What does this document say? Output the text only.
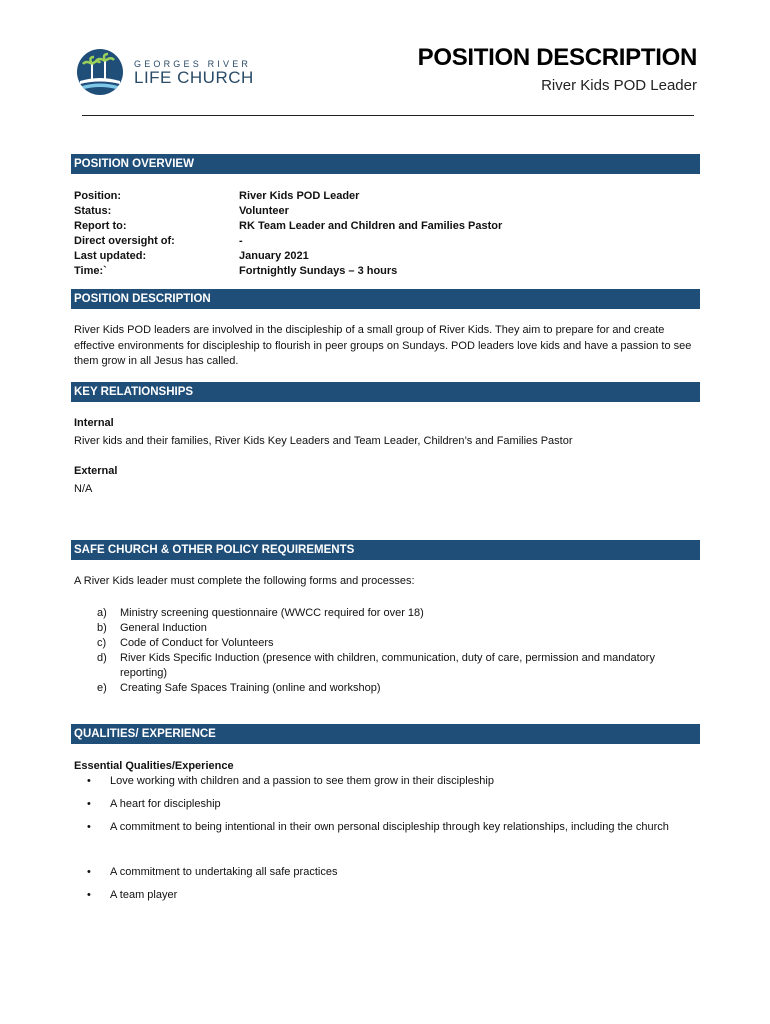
GEORGES RIVER
LIFE CHURCH
POSITION DESCRIPTION
River Kids POD Leader
POSITION OVERVIEW
Position:	River Kids POD Leader
Status:	Volunteer
Report to:	RK Team Leader and Children and Families Pastor
Direct oversight of:	-
Last updated:	January 2021
Time:`	Fortnightly Sundays – 3 hours
POSITION DESCRIPTION
River Kids POD leaders are involved in the discipleship of a small group of River Kids. They aim to prepare for and create effective environments for discipleship to flourish in peer groups on Sundays. POD leaders love kids and have a passion to see them grow in all Jesus has called.
KEY RELATIONSHIPS
Internal
River kids and their families, River Kids Key Leaders and Team Leader, Children’s and Families Pastor
External
N/A
SAFE CHURCH & OTHER POLICY REQUIREMENTS
A River Kids leader must complete the following forms and processes:
a) Ministry screening questionnaire (WWCC required for over 18)
b) General Induction
c) Code of Conduct for Volunteers
d) River Kids Specific Induction (presence with children, communication, duty of care, permission and mandatory reporting)
e) Creating Safe Spaces Training (online and workshop)
QUALITIES/ EXPERIENCE
Essential Qualities/Experience
• Love working with children and a passion to see them grow in their discipleship
• A heart for discipleship
• A commitment to being intentional in their own personal discipleship through key relationships, including the church
• A commitment to undertaking all safe practices
• A team player
